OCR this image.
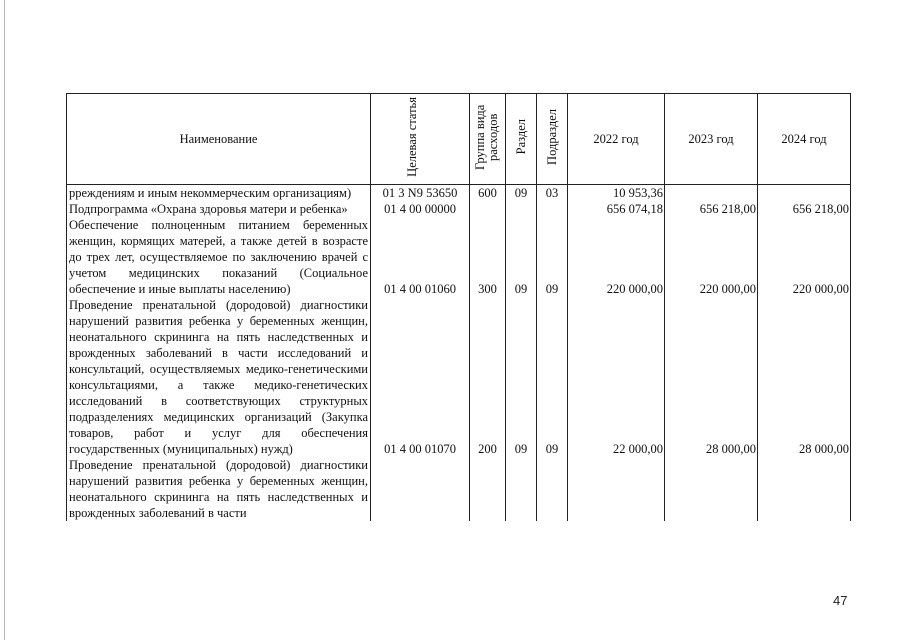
Наименование	Целевая статья	Группа вида расходов	Раздел	Подраздел	2022 год	2023 год	2024 год

рреждениям и иным некоммерческим организациям)	01 3 N9 53650	600	09	03	10 953,36		

Подпрограмма «Охрана здоровья матери и ребенка»	01 4 00 00000				656 074,18	656 218,00	656 218,00

Обеспечение полноценным питанием беременных женщин, кормящих матерей, а также детей в возрасте до трех лет, осуществляемое по заключению врачей с учетом медицинских показаний (Социальное обеспечение и иные выплаты населению)	01 4 00 01060	300	09	09	220 000,00	220 000,00	220 000,00

Проведение пренатальной (дородовой) диагностики нарушений развития ребенка у беременных женщин, неонатального скрининга на пять наследственных и врожденных заболеваний в части исследований и консультаций, осуществляемых медико-генетическими консультациями, а также медико-генетических исследований в соответствующих структурных подразделениях медицинских организаций (Закупка товаров, работ и услуг для обеспечения государственных (муниципальных) нужд)	01 4 00 01070	200	09	09	22 000,00	28 000,00	28 000,00

Проведение пренатальной (дородовой) диагностики нарушений развития ребенка у беременных женщин, неонатального скрининга на пять наследственных и врожденных заболеваний в части							

47
